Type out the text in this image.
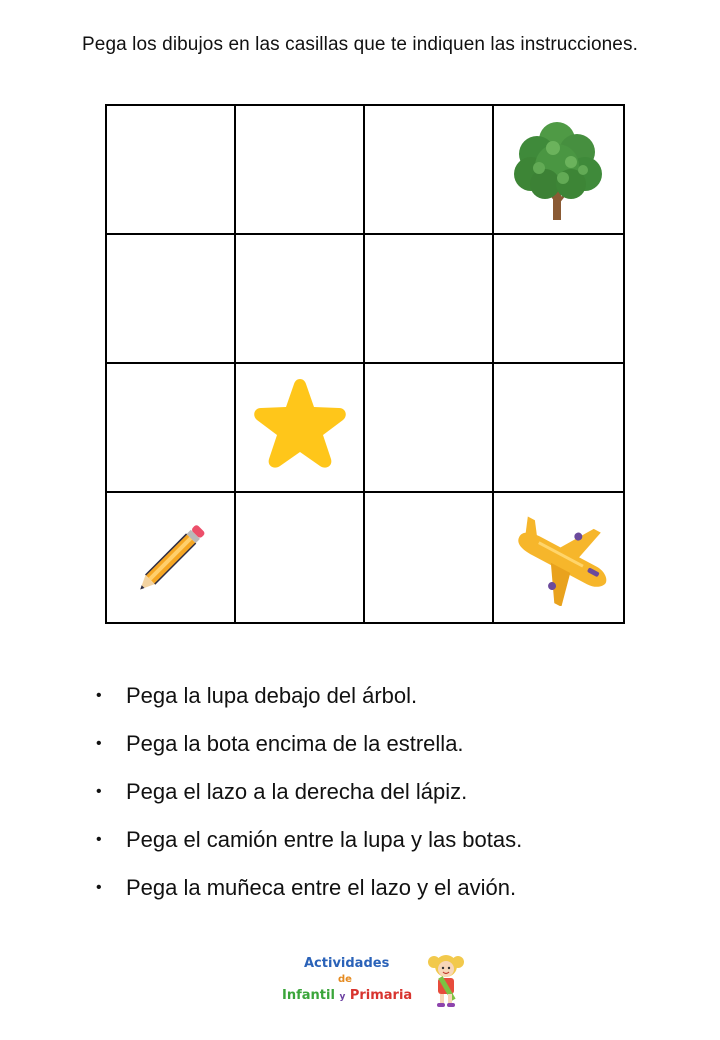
Pega los dibujos en las casillas que te indiquen las instrucciones.
• Pega la lupa debajo del árbol.
• Pega la bota encima de la estrella.
• Pega el lazo a la derecha del lápiz.
• Pega el camión entre la lupa y las botas.
• Pega la muñeca entre el lazo y el avión.
Actividades
de
Infantil y Primaria
